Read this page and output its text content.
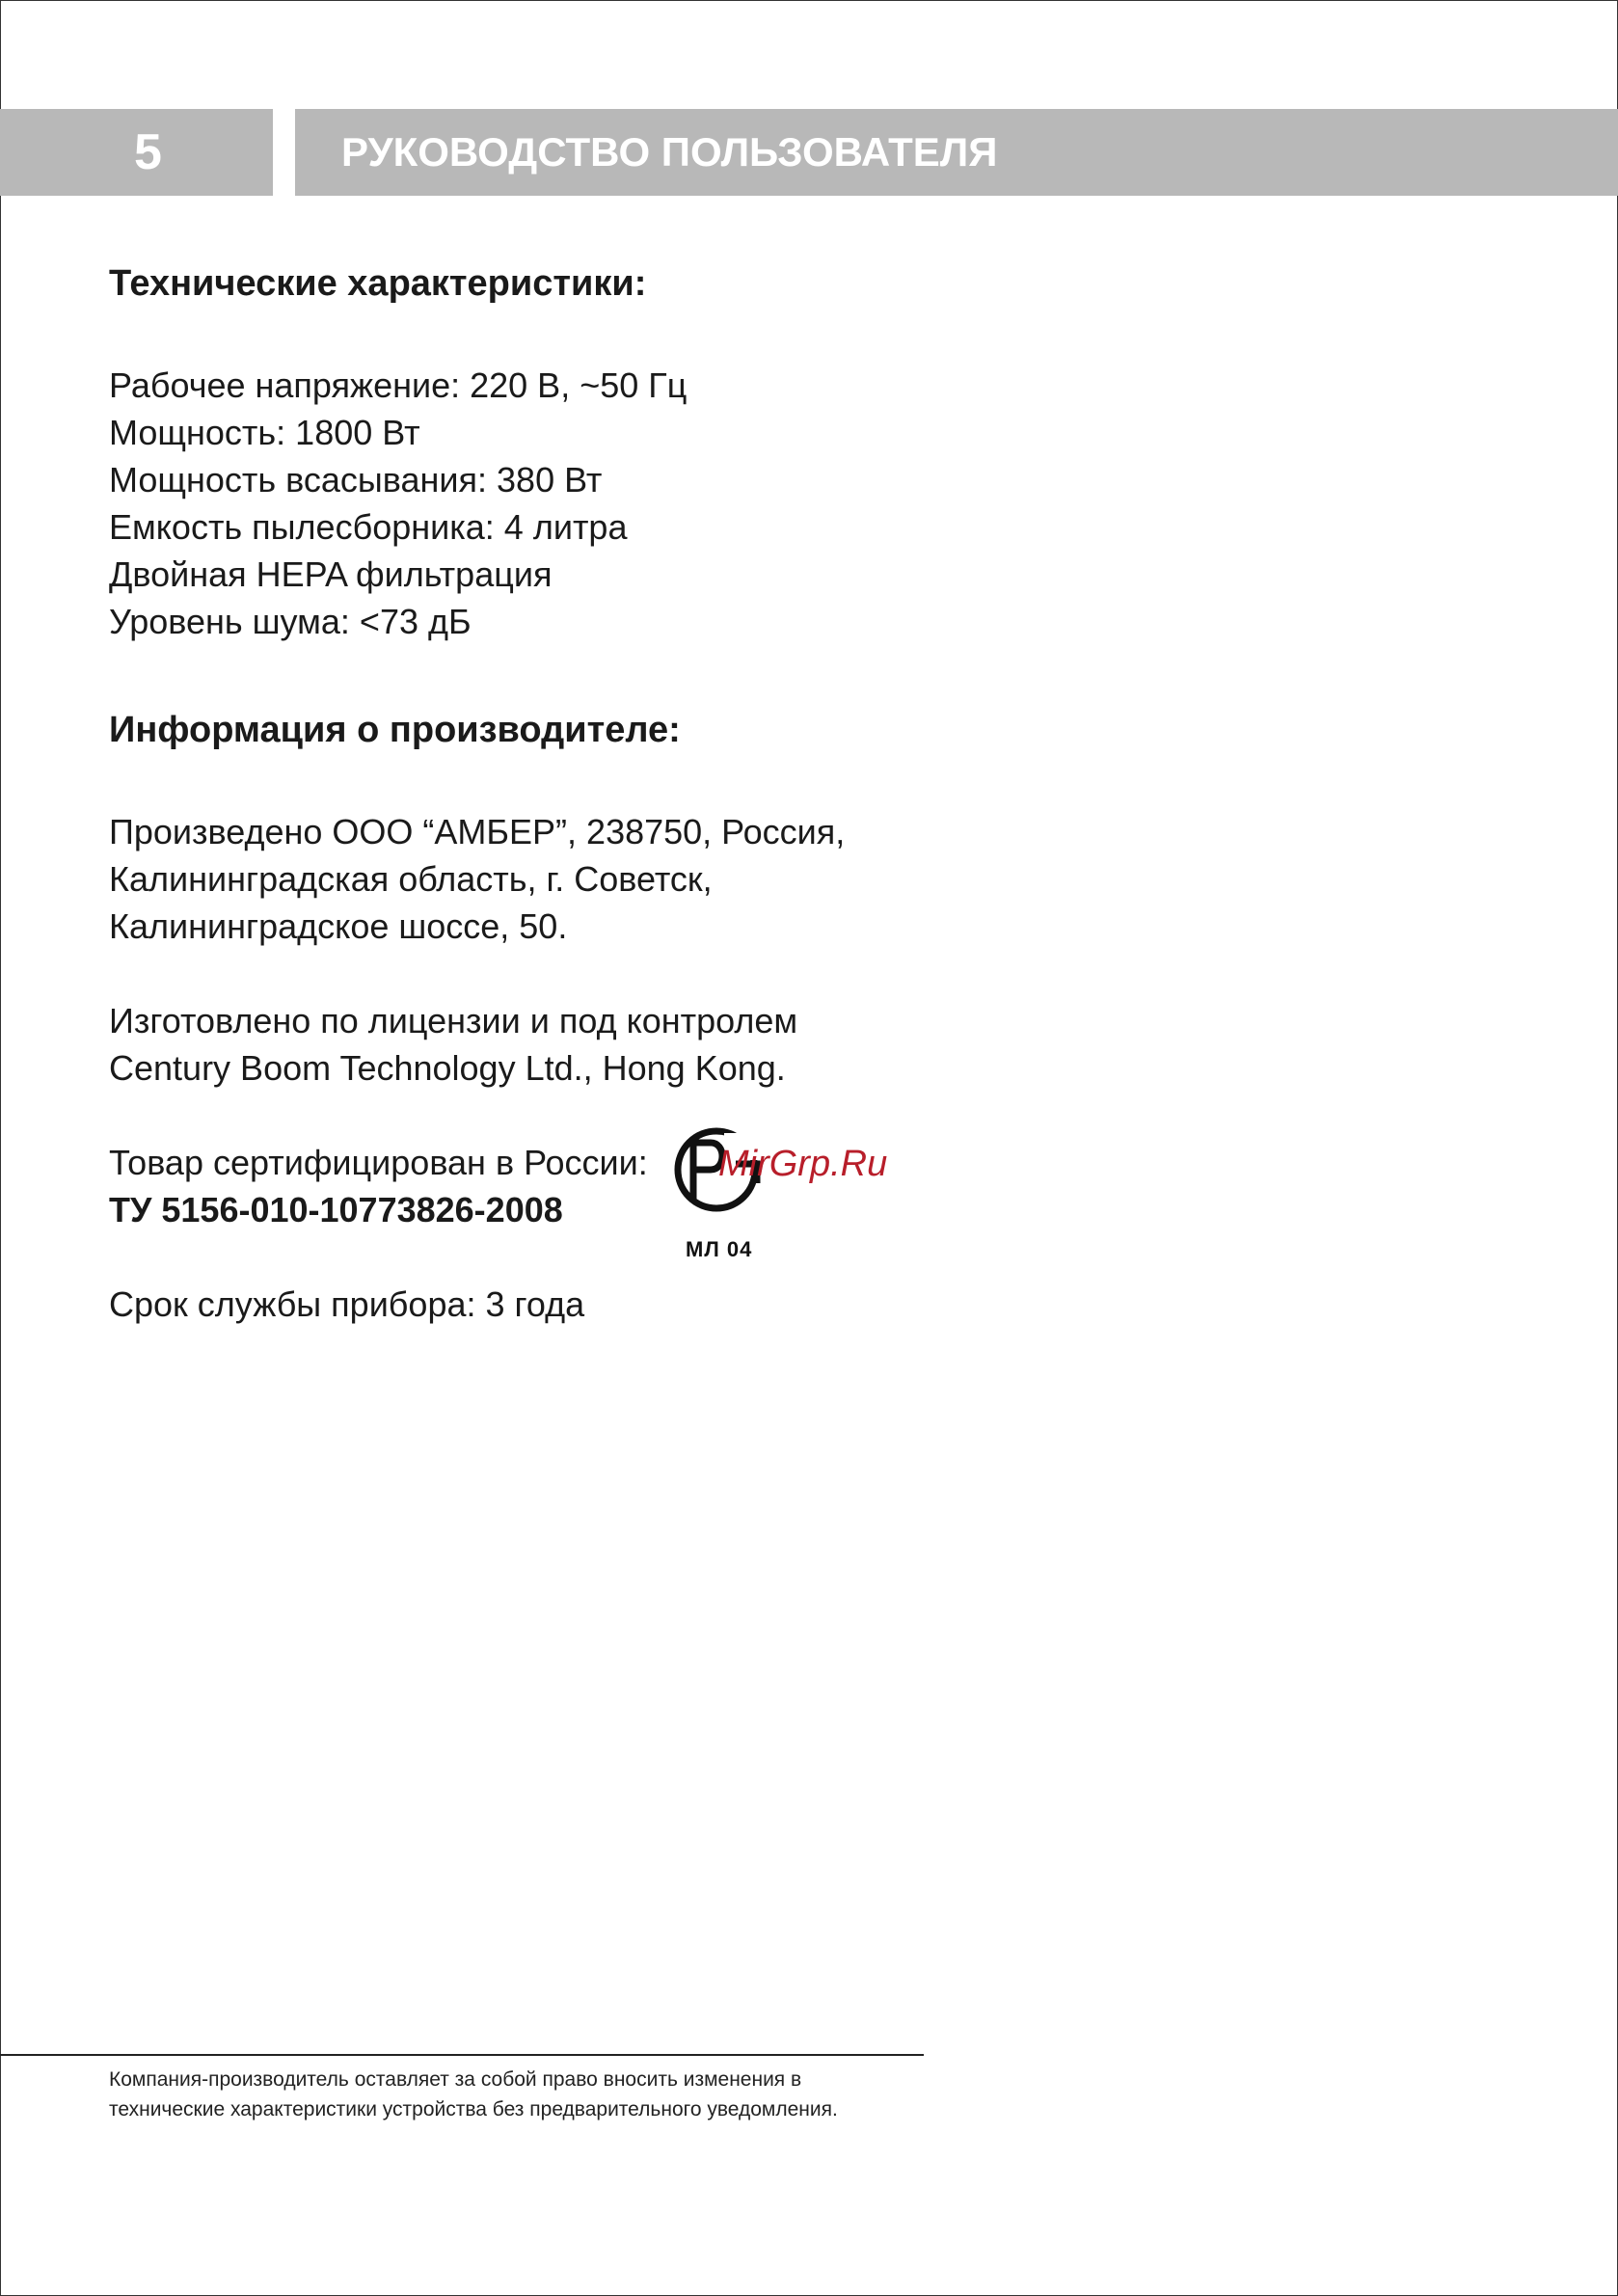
5	РУКОВОДСТВО ПОЛЬЗОВАТЕЛЯ

Технические характеристики:

Рабочее напряжение: 220 В, ~50 Гц
Мощность: 1800 Вт
Мощность всасывания: 380 Вт
Емкость пылесборника: 4 литра
Двойная HEPA фильтрация
Уровень шума: <73 дБ

Информация о производителе:

Произведено ООО “АМБЕР”, 238750, Россия,
Калининградская область, г. Советск,
Калининградское шоссе, 50.

Изготовлено по лицензии и под контролем
Century Boom Technology Ltd., Hong Kong.

Товар сертифицирован в России:
ТУ 5156-010-10773826-2008
MirGrp.Ru
МЛ 04

Срок службы прибора: 3 года

Компания-производитель оставляет за собой право вносить изменения в
технические характеристики устройства без предварительного уведомления.
